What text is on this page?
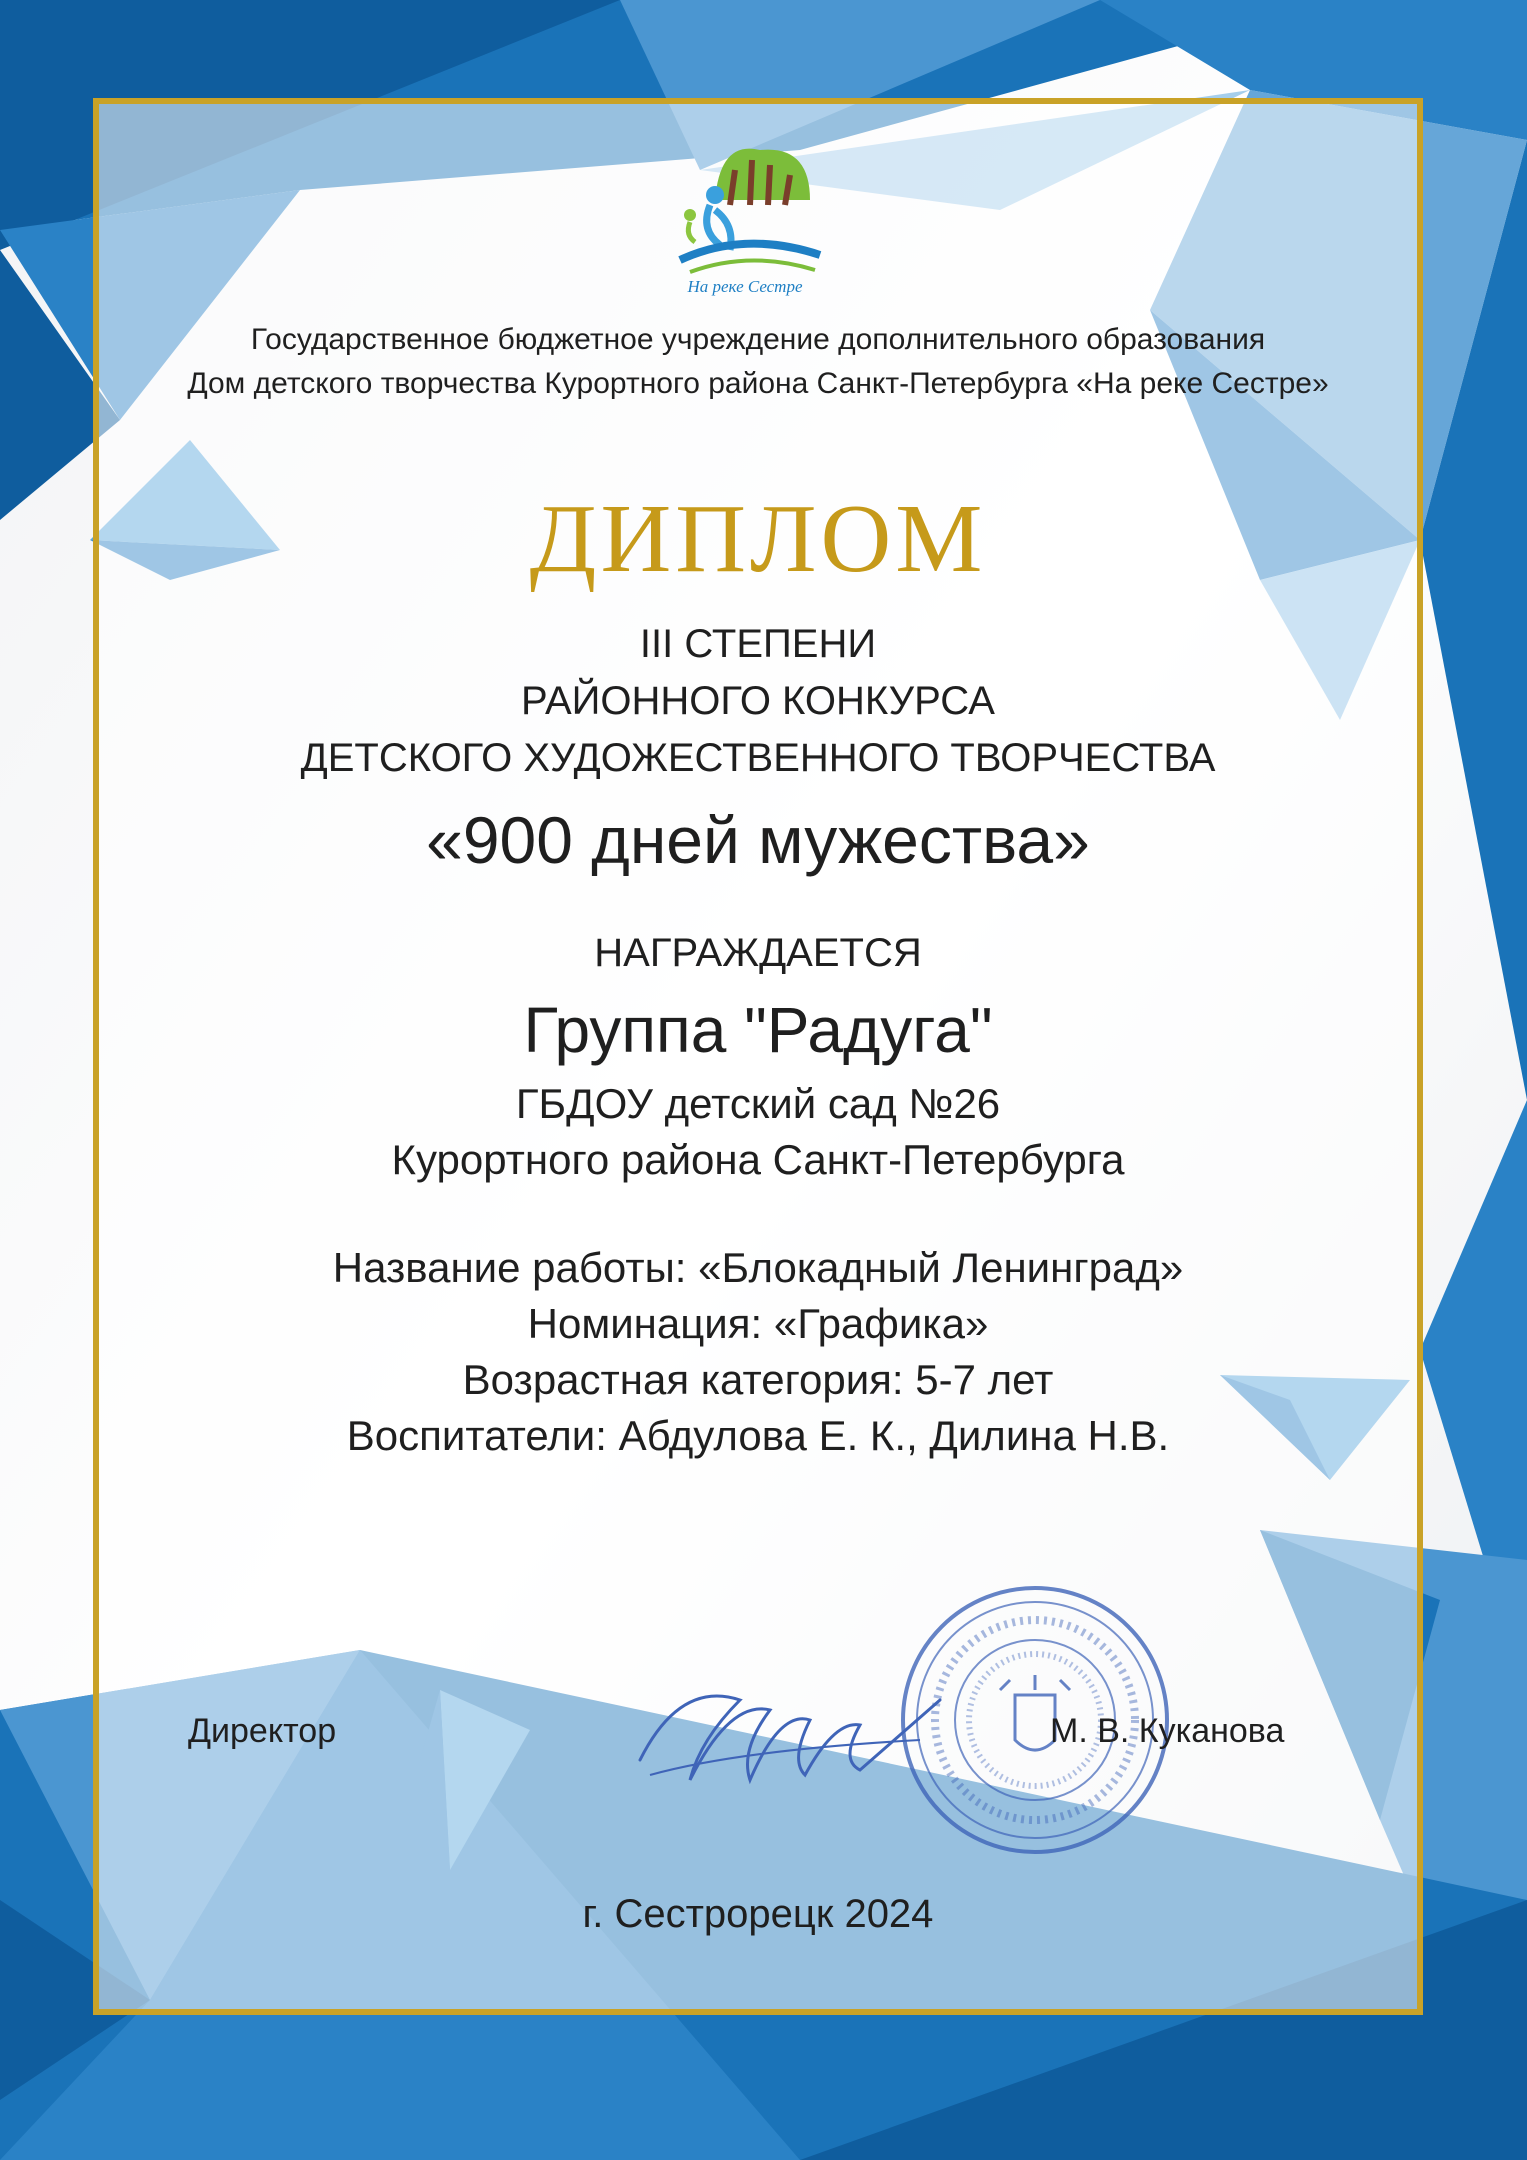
На реке Сестре
Государственное бюджетное учреждение дополнительного образования
Дом детского творчества Курортного района Санкт-Петербурга «На реке Сестре»
ДИПЛОМ
III СТЕПЕНИ
РАЙОННОГО КОНКУРСА
ДЕТСКОГО ХУДОЖЕСТВЕННОГО ТВОРЧЕСТВА
«900 дней мужества»
НАГРАЖДАЕТСЯ
Группа "Радуга"
ГБДОУ детский сад №26
Курортного района Санкт-Петербурга
Название работы: «Блокадный Ленинград»
Номинация: «Графика»
Возрастная категория: 5-7 лет
Воспитатели: Абдулова Е. К., Дилина Н.В.
Директор	М. В. Куканова
г. Сестрорецк 2024
